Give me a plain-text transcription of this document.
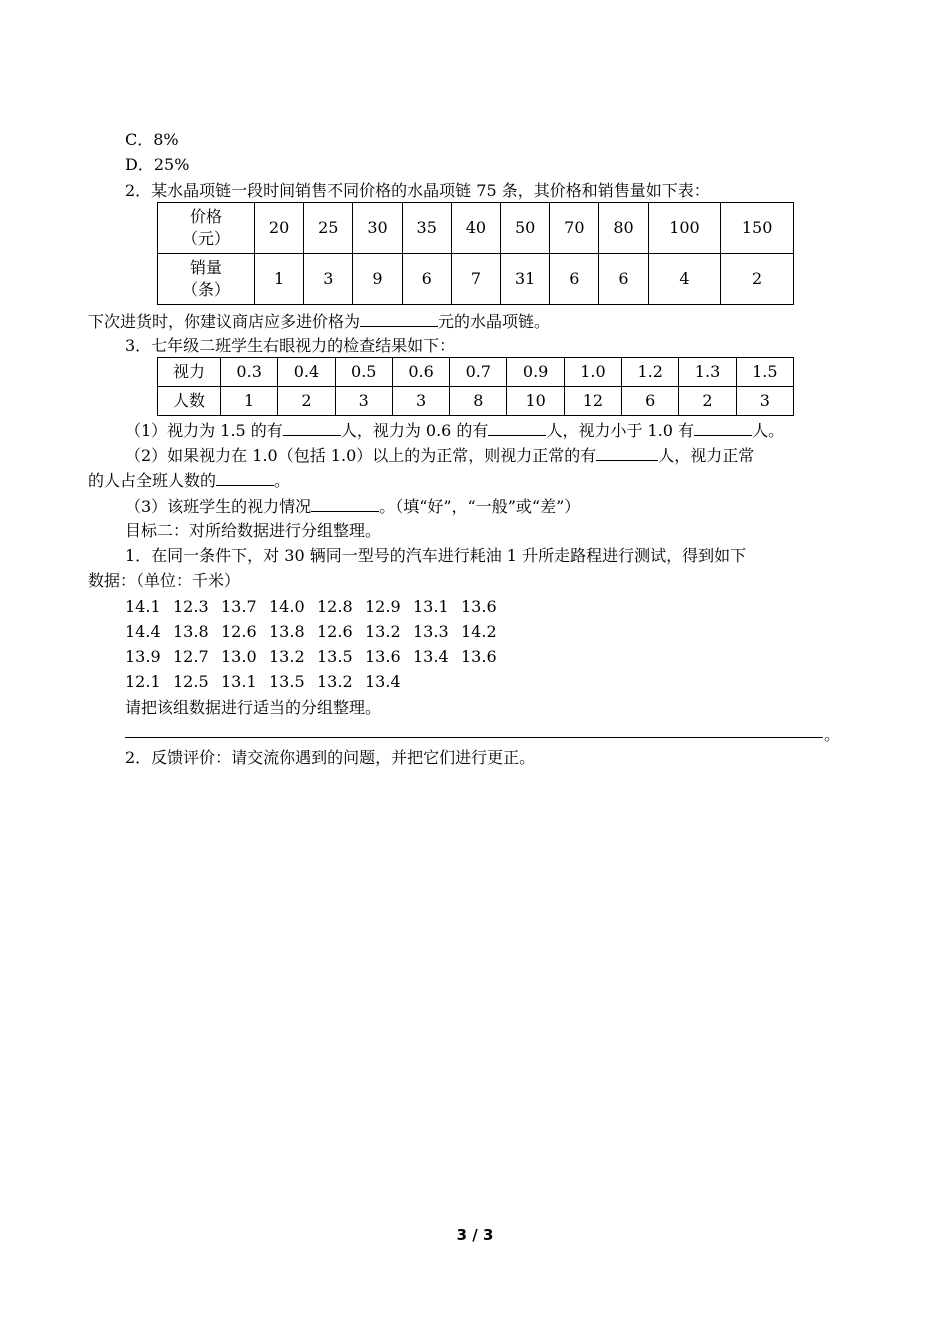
C．8%
D．25%
2．某水晶项链一段时间销售不同价格的水晶项链 75 条，其价格和销售量如下表：
价格
（元）	20	25	30	35	40	50	70	80	100	150

销量
（条）	1	3	9	6	7	31	6	6	4	2
下次进货时，你建议商店应多进价格为	元的水晶项链。
3．七年级二班学生右眼视力的检查结果如下：
视力	0.3	0.4	0.5	0.6	0.7	0.9	1.0	1.2	1.3	1.5
人数	1	2	3	3	8	10	12	6	2	3
（1）视力为 1.5 的有	人，视力为 0.6 的有	人，视力小于 1.0 有	人。
（2）如果视力在 1.0（包括 1.0）以上的为正常，则视力正常的有	人，视力正常
的人占全班人数的	。
（3）该班学生的视力情况	。（填“好”，“一般”或“差”）
目标二：对所给数据进行分组整理。
1．在同一条件下，对 30 辆同一型号的汽车进行耗油 1 升所走路程进行测试，得到如下
数据：（单位：千米）
14.1 12.3 13.7 14.0 12.8 12.9 13.1 13.6
14.4 13.8 12.6 13.8 12.6 13.2 13.3 14.2
13.9 12.7 13.0 13.2 13.5 13.6 13.4 13.6
12.1 12.5 13.1 13.5 13.2 13.4
请把该组数据进行适当的分组整理。
。
2．反馈评价：请交流你遇到的问题，并把它们进行更正。
3 / 3
